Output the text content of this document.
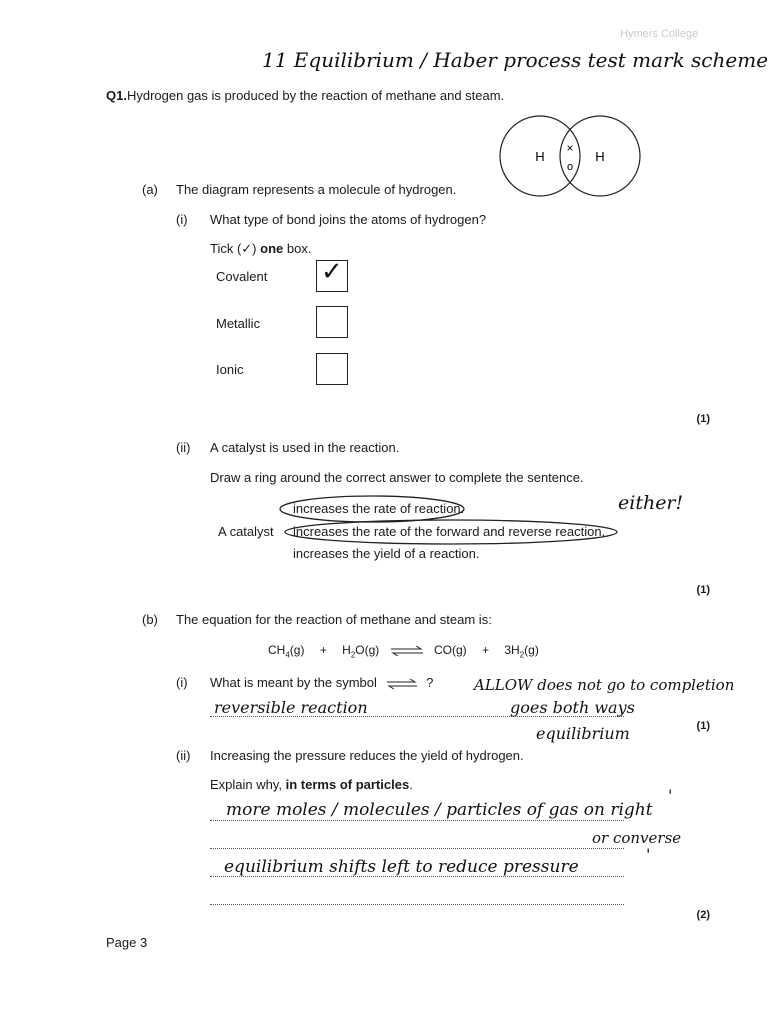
Hymers College
11 Equilibrium / Haber process test mark scheme
Q1.Hydrogen gas is produced by the reaction of methane and steam.
H	H
×
o
(a) The diagram represents a molecule of hydrogen.
(i) What type of bond joins the atoms of hydrogen?
Tick (✓) one box.
Covalent ✓
Metallic
Ionic
(1)
(ii) A catalyst is used in the reaction.
Draw a ring around the correct answer to complete the sentence.
increases the rate of reaction.
A catalyst increases the rate of the forward and reverse reaction.
increases the yield of a reaction.
either!
(1)
(b) The equation for the reaction of methane and steam is:
$CH_4(g) + H_2O(g)$ ⇌ $CO(g) + 3H_2(g)$
(i) What is meant by the symbol ⇌ ?	ALLOW does not go to completion
reversible reaction	goes both ways
equilibrium	(1)
(ii) Increasing the pressure reduces the yield of hydrogen.
Explain why, in terms of particles.
more moles / molecules / particles of gas on right
'
or converse
equilibrium shifts left to reduce pressure
'
(2)
Page 3
